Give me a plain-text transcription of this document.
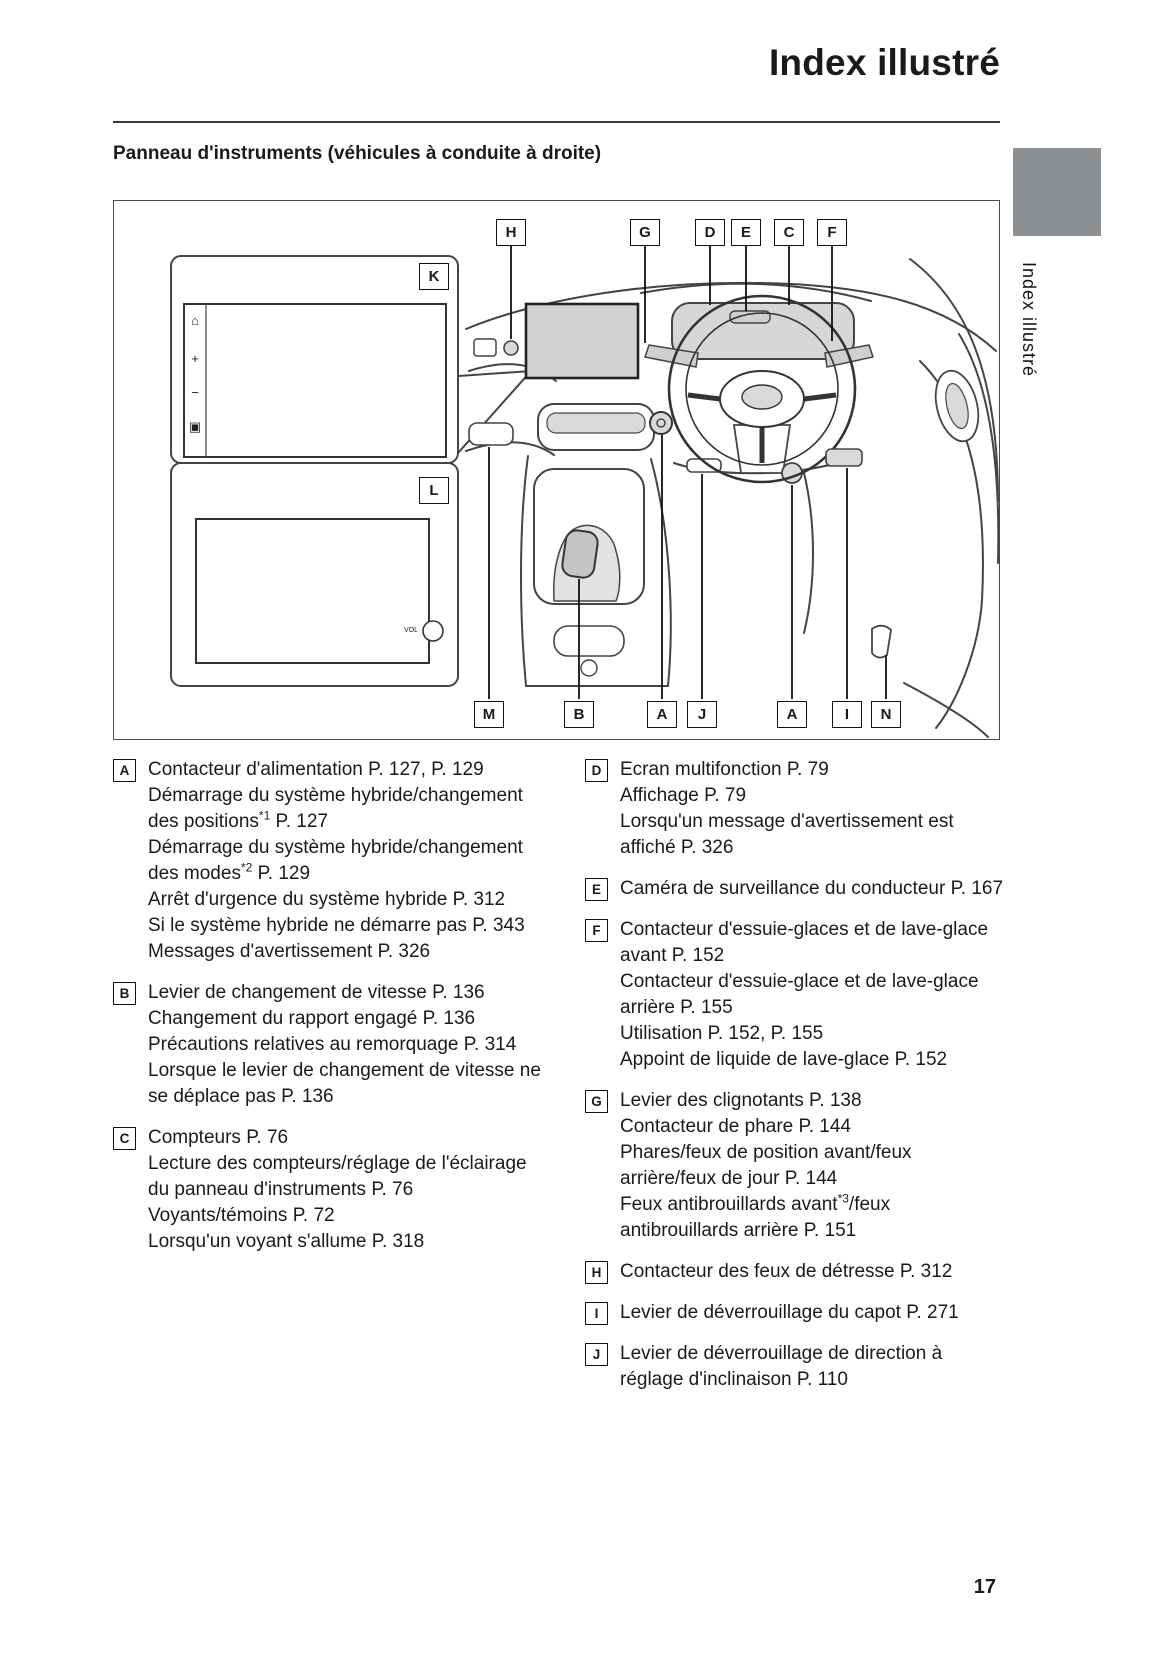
Index illustré
Panneau d'instruments (véhicules à conduite à droite)
Index illustré
H	G	D	E	C	F
K
L
M	B	A	J	A	I	N
⌂
+
−
▣
VOL
A Contacteur d'alimentation P. 127, P. 129

Démarrage du système hybride/changement des positions$^{*1}$ P. 127

Démarrage du système hybride/changement des modes$^{*2}$ P. 129

Arrêt d'urgence du système hybride P. 312

Si le système hybride ne démarre pas P. 343

Messages d'avertissement P. 326

B Levier de changement de vitesse P. 136

Changement du rapport engagé P. 136

Précautions relatives au remorquage P. 314

Lorsque le levier de changement de vitesse ne se déplace pas P. 136

C Compteurs P. 76

Lecture des compteurs/réglage de l'éclairage du panneau d'instruments P. 76

Voyants/témoins P. 72

Lorsqu'un voyant s'allume P. 318

D Ecran multifonction P. 79

Affichage P. 79

Lorsqu'un message d'avertissement est affiché P. 326

E	Caméra de surveillance du conducteur P. 167

F	Contacteur d'essuie-glaces et de lave-glace avant P. 152

Contacteur d'essuie-glace et de lave-glace arrière P. 155

Utilisation P. 152, P. 155

Appoint de liquide de lave-glace P. 152

G Levier des clignotants P. 138

Contacteur de phare P. 144

Phares/feux de position avant/feux arrière/feux de jour P. 144

Feux antibrouillards avant$^{*3}$/feux antibrouillards arrière P. 151

H Contacteur des feux de détresse P. 312

I	Levier de déverrouillage du capot P. 271

J	Levier de déverrouillage de direction à réglage d'inclinaison P. 110

17
